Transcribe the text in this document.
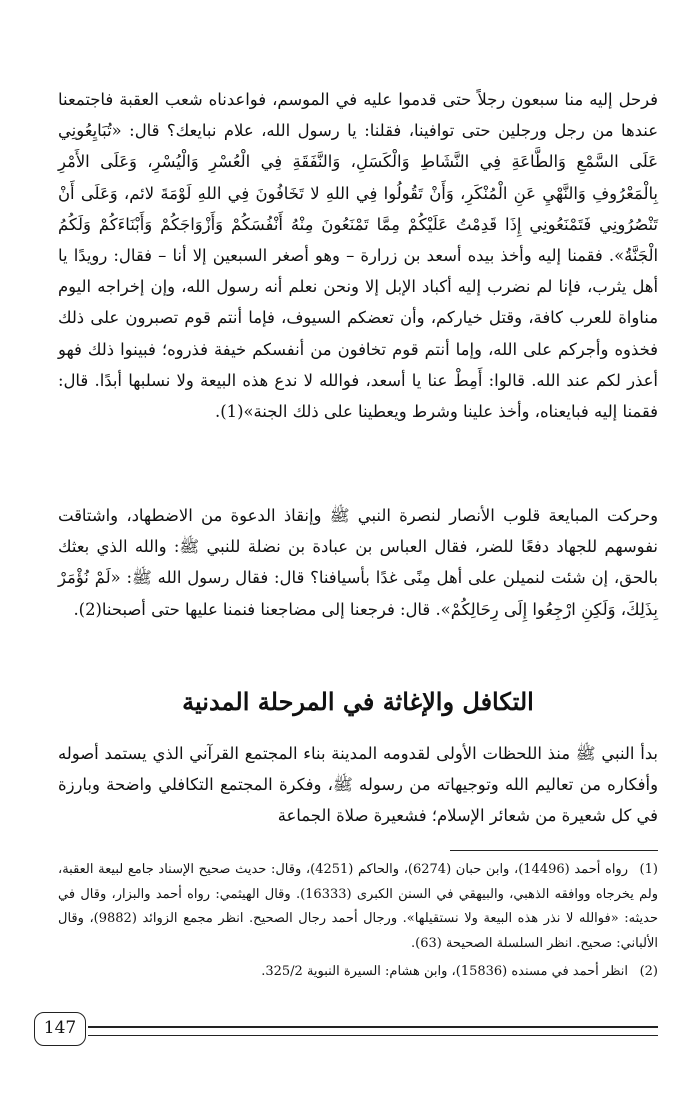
فرحل إليه منا سبعون رجلاً حتى قدموا عليه في الموسم، فواعدناه شعب العقبة فاجتمعنا عندها من رجل ورجلين حتى توافينا، فقلنا: يا رسول الله، علام نبايعك؟ قال: «تُبَايِعُونِي عَلَى السَّمْعِ وَالطَّاعَةِ فِي النَّشَاطِ وَالْكَسَلِ، وَالنَّفَقَةِ فِي الْعُسْرِ وَالْيُسْرِ، وَعَلَى الأَمْرِ بِالْمَعْرُوفِ وَالنَّهْيِ عَنِ الْمُنْكَرِ، وَأَنْ تَقُولُوا فِي اللهِ لا تَخَافُونَ فِي اللهِ لَوْمَةَ لائم، وَعَلَى أَنْ تَنْصُرُونِي فَتَمْنَعُونِي إِذَا قَدِمْتُ عَلَيْكُمْ مِمَّا تَمْنَعُونَ مِنْهُ أَنْفُسَكُمْ وَأَزْوَاجَكُمْ وَأَبْنَاءَكُمْ وَلَكُمُ الْجَنَّةُ». فقمنا إليه وأخذ بيده أسعد بن زرارة – وهو أصغر السبعين إلا أنا – فقال: رويدًا يا أهل يثرب، فإنا لم نضرب إليه أكباد الإبل إلا ونحن نعلم أنه رسول الله، وإن إخراجه اليوم مناواة للعرب كافة، وقتل خياركم، وأن تعضكم السيوف، فإما أنتم قوم تصبرون على ذلك فخذوه وأجركم على الله، وإما أنتم قوم تخافون من أنفسكم خيفة فذروه؛ فبينوا ذلك فهو أعذر لكم عند الله. قالوا: أَمِطْ عنا يا أسعد، فوالله لا ندع هذه البيعة ولا نسلبها أبدًا. قال: فقمنا إليه فبايعناه، وأخذ علينا وشرط ويعطينا على ذلك الجنة»(1).

وحركت المبايعة قلوب الأنصار لنصرة النبي ﷺ وإنقاذ الدعوة من الاضطهاد، واشتاقت نفوسهم للجهاد دفعًا للضر، فقال العباس بن عبادة بن نضلة للنبي ﷺ: والله الذي بعثك بالحق، إن شئت لنميلن على أهل مِنًى غدًا بأسيافنا؟ قال: فقال رسول الله ﷺ: «لَمْ نُؤْمَرْ بِذَلِكَ، وَلَكِنِ ارْجِعُوا إِلَى رِحَالِكُمْ». قال: فرجعنا إلى مضاجعنا فنمنا عليها حتى أصبحنا(2).

التكافل والإغاثة في المرحلة المدنية

بدأ النبي ﷺ منذ اللحظات الأولى لقدومه المدينة بناء المجتمع القرآني الذي يستمد أصوله وأفكاره من تعاليم الله وتوجيهاته من رسوله ﷺ، وفكرة المجتمع التكافلي واضحة وبارزة في كل شعيرة من شعائر الإسلام؛ فشعيرة صلاة الجماعة

(1)رواه أحمد (14496)، وابن حبان (6274)، والحاكم (4251)، وقال: حديث صحيح الإسناد جامع لبيعة العقبة، ولم يخرجاه ووافقه الذهبي، والبيهقي في السنن الكبرى (16333). وقال الهيثمي: رواه أحمد والبزار، وقال في حديثه: «فوالله لا نذر هذه البيعة ولا نستقيلها». ورجال أحمد رجال الصحيح. انظر مجمع الزوائد (9882)، وقال الألباني: صحيح. انظر السلسلة الصحيحة (63).

(2)انظر أحمد في مسنده (15836)، وابن هشام: السيرة النبوية 325/2.

147
